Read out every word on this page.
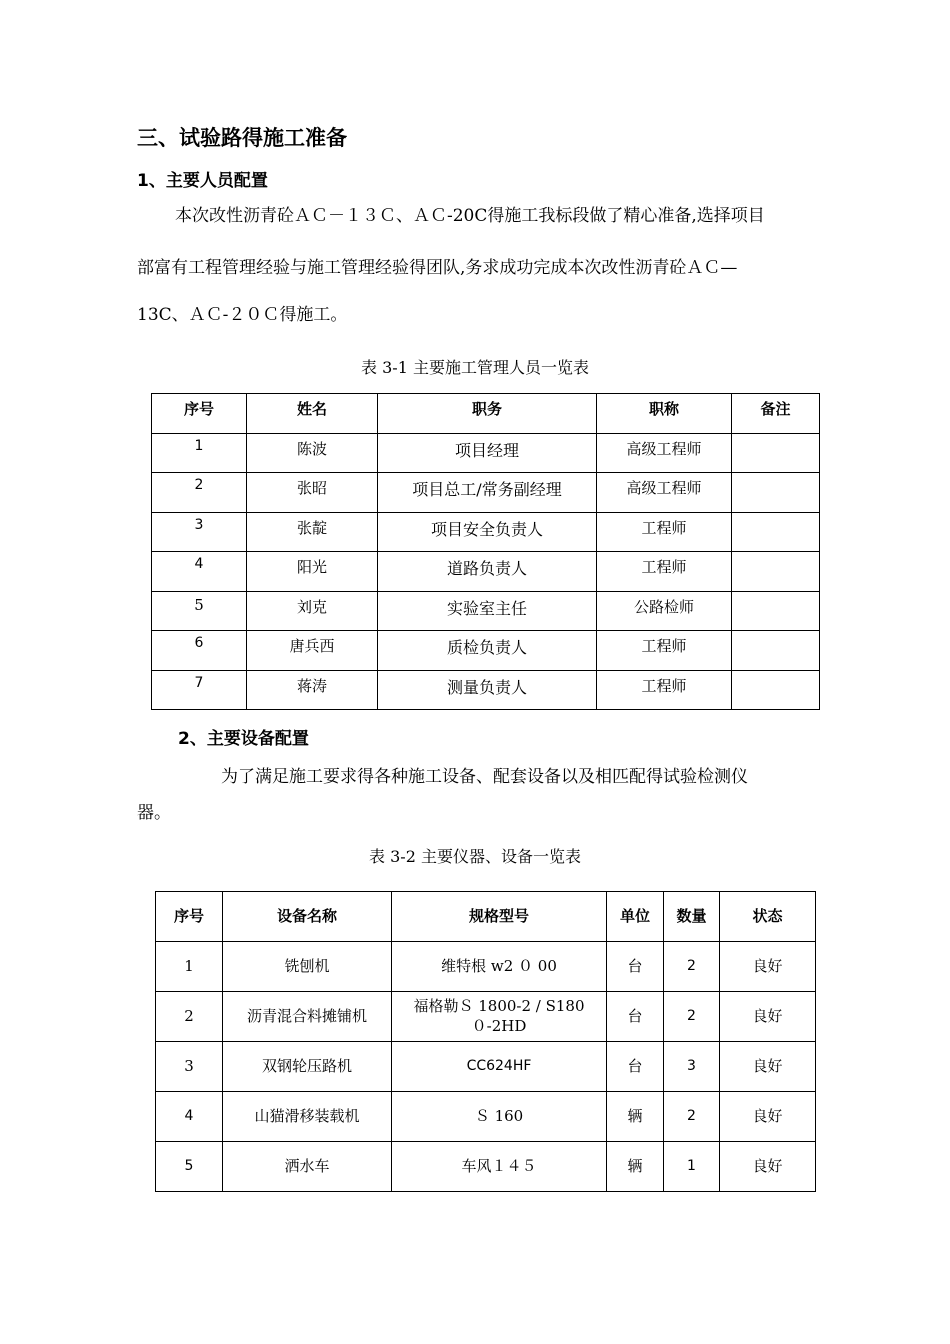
三、试验路得施工准备
1、主要人员配置
本次改性沥青砼ＡＣ－１３Ｃ、ＡＣ-20C得施工我标段做了精心准备,选择项目
部富有工程管理经验与施工管理经验得团队,务求成功完成本次改性沥青砼ＡＣ—
13C、ＡＣ-２０Ｃ得施工。
表 3-1 主要施工管理人员一览表
序号	姓名	职务	职称	备注
1	陈波	项目经理	高级工程师	
2	张昭	项目总工/常务副经理	高级工程师	
3	张靛	项目安全负责人	工程师	
4	阳光	道路负责人	工程师	
5	刘克	实验室主任	公路检师	
6	唐兵西	质检负责人	工程师	
7	蒋涛	测量负责人	工程师	
2、主要设备配置
为了满足施工要求得各种施工设备、配套设备以及相匹配得试验检测仪
器。
表 3-2 主要仪器、设备一览表
序号	设备名称	规格型号	单位	数量	状态
1	铣刨机	维特根 w2 ０ 00	台	2	良好
2	沥青混合料摊铺机	福格勒Ｓ 1800-2 / S180 ０-2HD	台	2	良好
3	双钢轮压路机	CC624HF	台	3	良好
4	山猫滑移装载机	Ｓ 160	辆	2	良好
5	洒水车	车风１４５	辆	1	良好
